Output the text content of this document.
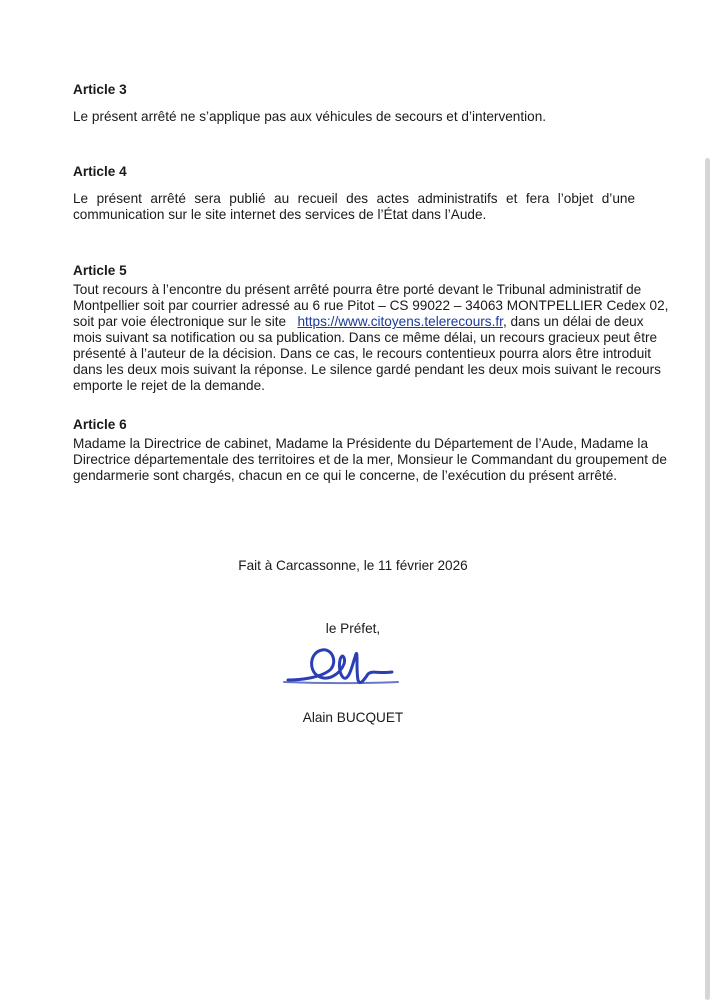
Article 3
Le présent arrêté ne s’applique pas aux véhicules de secours et d’intervention.
Article 4
Le présent arrêté sera publié au recueil des actes administratifs et fera l’objet d’une
communication sur le site internet des services de l’État dans l’Aude.
Article 5
Tout recours à l’encontre du présent arrêté pourra être porté devant le Tribunal administratif de
Montpellier soit par courrier adressé au 6 rue Pitot – CS 99022 – 34063 MONTPELLIER Cedex 02,
soit par voie électronique sur le site https://www.citoyens.telerecours.fr, dans un délai de deux
mois suivant sa notification ou sa publication. Dans ce même délai, un recours gracieux peut être
présenté à l’auteur de la décision. Dans ce cas, le recours contentieux pourra alors être introduit
dans les deux mois suivant la réponse. Le silence gardé pendant les deux mois suivant le recours
emporte le rejet de la demande.
Article 6
Madame la Directrice de cabinet, Madame la Présidente du Département de l’Aude, Madame la
Directrice départementale des territoires et de la mer, Monsieur le Commandant du groupement de
gendarmerie sont chargés, chacun en ce qui le concerne, de l’exécution du présent arrêté.
Fait à Carcassonne, le 11 février 2026
le Préfet,
Alain BUCQUET
